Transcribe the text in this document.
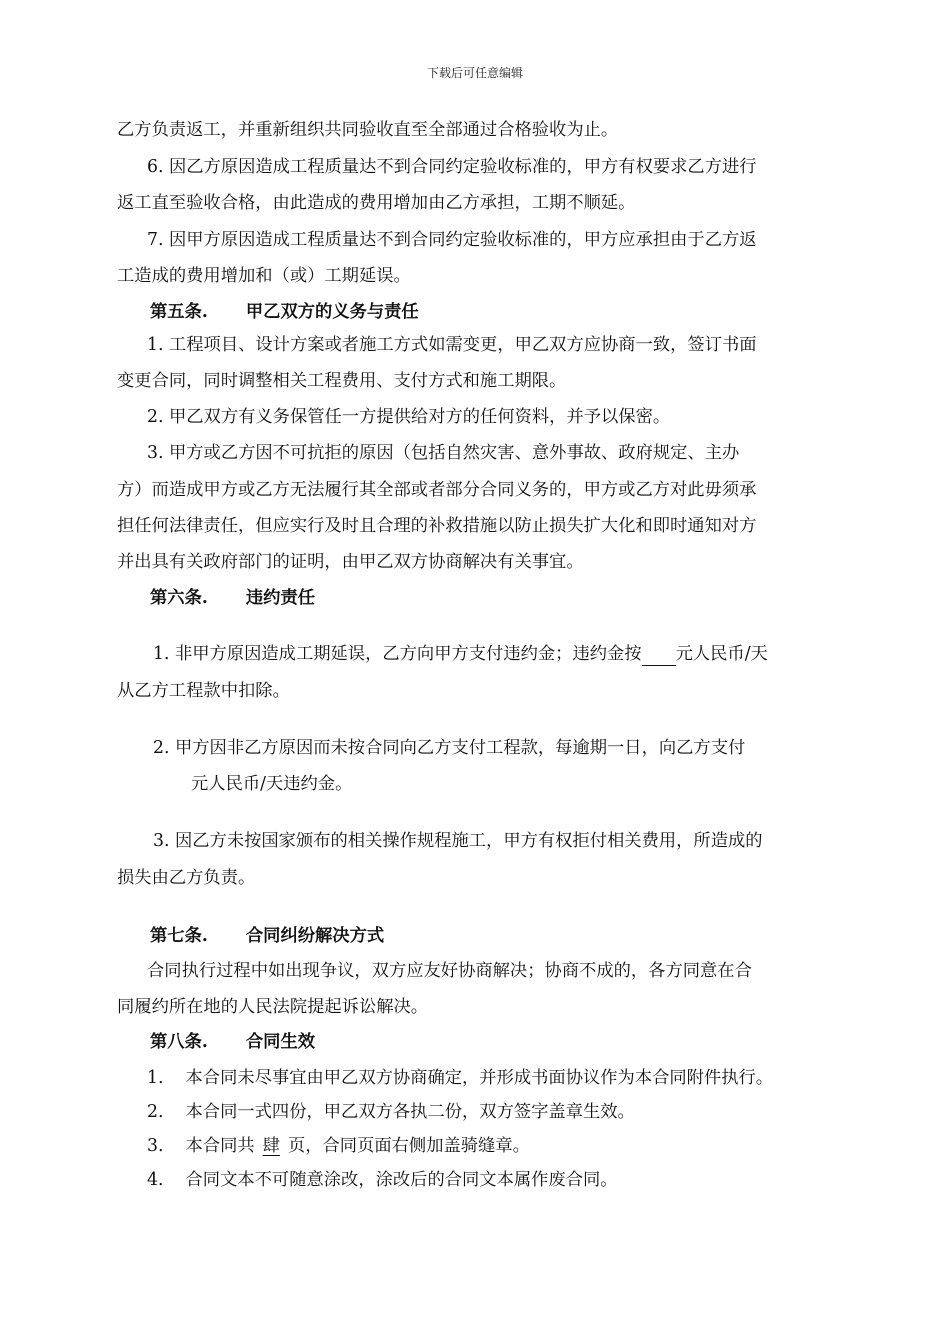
下载后可任意编辑
乙方负责返工，并重新组织共同验收直至全部通过合格验收为止。
6. 因乙方原因造成工程质量达不到合同约定验收标准的，甲方有权要求乙方进行
返工直至验收合格，由此造成的费用增加由乙方承担，工期不顺延。
7. 因甲方原因造成工程质量达不到合同约定验收标准的，甲方应承担由于乙方返
工造成的费用增加和（或）工期延误。
第五条. 甲乙双方的义务与责任
1. 工程项目、设计方案或者施工方式如需变更，甲乙双方应协商一致，签订书面
变更合同，同时调整相关工程费用、支付方式和施工期限。
2. 甲乙双方有义务保管任一方提供给对方的任何资料，并予以保密。
3. 甲方或乙方因不可抗拒的原因（包括自然灾害、意外事故、政府规定、主办
方）而造成甲方或乙方无法履行其全部或者部分合同义务的，甲方或乙方对此毋须承
担任何法律责任，但应实行及时且合理的补救措施以防止损失扩大化和即时通知对方
并出具有关政府部门的证明，由甲乙双方协商解决有关事宜。
第六条. 违约责任
1. 非甲方原因造成工期延误，乙方向甲方支付违约金；违约金按 元人民币/天
从乙方工程款中扣除。
2. 甲方因非乙方原因而未按合同向乙方支付工程款，每逾期一日，向乙方支付
元人民币/天违约金。
3. 因乙方未按国家颁布的相关操作规程施工，甲方有权拒付相关费用，所造成的
损失由乙方负责。
第七条. 合同纠纷解决方式
合同执行过程中如出现争议，双方应友好协商解决；协商不成的，各方同意在合
同履约所在地的人民法院提起诉讼解决。
第八条. 合同生效
1. 本合同未尽事宜由甲乙双方协商确定，并形成书面协议作为本合同附件执行。
2. 本合同一式四份，甲乙双方各执二份，双方签字盖章生效。
3. 本合同共 肆 页，合同页面右侧加盖骑缝章。
4. 合同文本不可随意涂改，涂改后的合同文本属作废合同。
